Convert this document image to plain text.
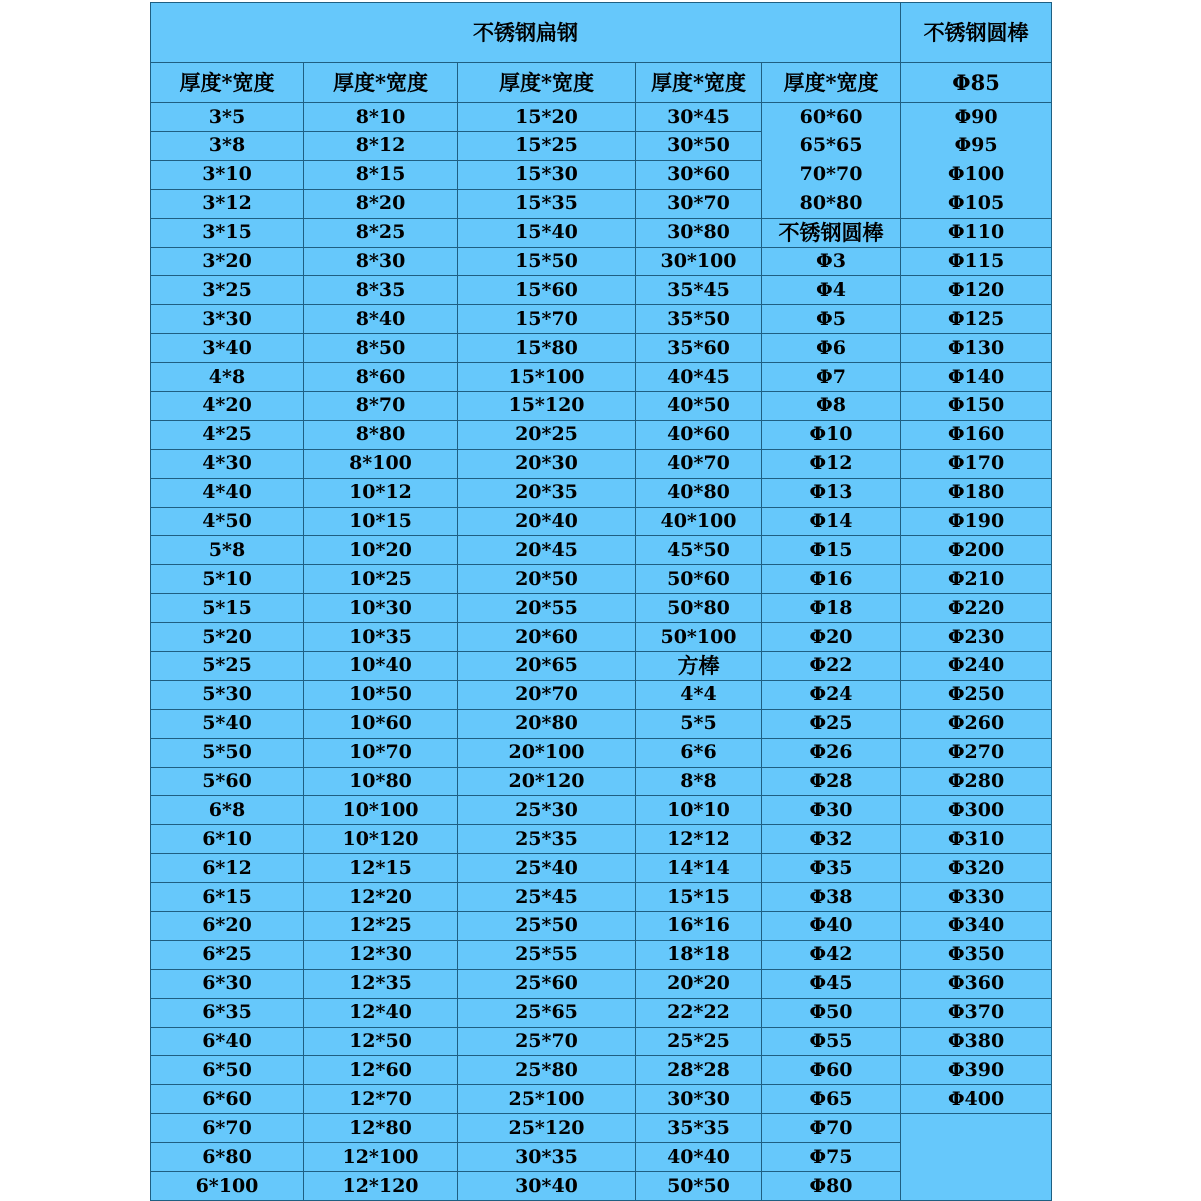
不锈钢扁钢					不锈钢圆棒
厚度*宽度	厚度*宽度	厚度*宽度	厚度*宽度	厚度*宽度	Φ85
3*5	8*10	15*20	30*45	60*60	Φ90
3*8	8*12	15*25	30*50	65*65	Φ95
3*10	8*15	15*30	30*60	70*70	Φ100
3*12	8*20	15*35	30*70	80*80	Φ105
3*15	8*25	15*40	30*80	不锈钢圆棒	Φ110
3*20	8*30	15*50	30*100	Φ3	Φ115
3*25	8*35	15*60	35*45	Φ4	Φ120
3*30	8*40	15*70	35*50	Φ5	Φ125
3*40	8*50	15*80	35*60	Φ6	Φ130
4*8	8*60	15*100	40*45	Φ7	Φ140
4*20	8*70	15*120	40*50	Φ8	Φ150
4*25	8*80	20*25	40*60	Φ10	Φ160
4*30	8*100	20*30	40*70	Φ12	Φ170
4*40	10*12	20*35	40*80	Φ13	Φ180
4*50	10*15	20*40	40*100	Φ14	Φ190
5*8	10*20	20*45	45*50	Φ15	Φ200
5*10	10*25	20*50	50*60	Φ16	Φ210
5*15	10*30	20*55	50*80	Φ18	Φ220
5*20	10*35	20*60	50*100	Φ20	Φ230
5*25	10*40	20*65	方棒	Φ22	Φ240
5*30	10*50	20*70	4*4	Φ24	Φ250
5*40	10*60	20*80	5*5	Φ25	Φ260
5*50	10*70	20*100	6*6	Φ26	Φ270
5*60	10*80	20*120	8*8	Φ28	Φ280
6*8	10*100	25*30	10*10	Φ30	Φ300
6*10	10*120	25*35	12*12	Φ32	Φ310
6*12	12*15	25*40	14*14	Φ35	Φ320
6*15	12*20	25*45	15*15	Φ38	Φ330
6*20	12*25	25*50	16*16	Φ40	Φ340
6*25	12*30	25*55	18*18	Φ42	Φ350
6*30	12*35	25*60	20*20	Φ45	Φ360
6*35	12*40	25*65	22*22	Φ50	Φ370
6*40	12*50	25*70	25*25	Φ55	Φ380
6*50	12*60	25*80	28*28	Φ60	Φ390
6*60	12*70	25*100	30*30	Φ65	Φ400
6*70	12*80	25*120	35*35	Φ70	
6*80	12*100	30*35	40*40	Φ75	
6*100	12*120	30*40	50*50	Φ80	
